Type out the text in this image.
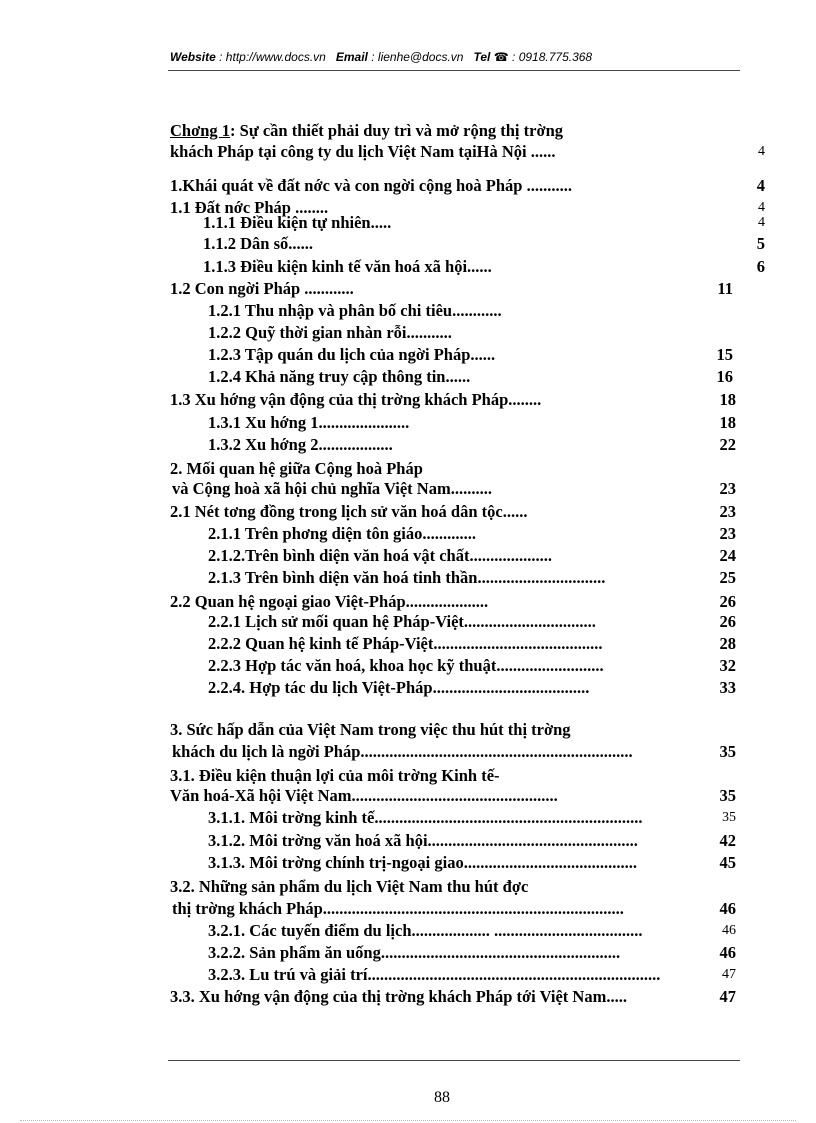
Website : http://www.docs.vn Email : lienhe@docs.vn Tel ☎ : 0918.775.368
Chơng 1: Sự cần thiết phải duy trì và mở rộng thị trờng
khách Pháp tại công ty du lịch Việt Nam tạiHà Nội ......	4
1.Khái quát về đất nớc và con ngời cộng hoà Pháp ...........	4
1.1 Đất nớc Pháp ........	4
1.1.1 Điều kiện tự nhiên.....	4
1.1.2 Dân số......	5
1.1.3 Điều kiện kinh tế văn hoá xã hội......	6
1.2 Con ngời Pháp ............	11
1.2.1 Thu nhập và phân bố chi tiêu............
1.2.2 Quỹ thời gian nhàn rỗi...........
1.2.3 Tập quán du lịch của ngời Pháp......	15
1.2.4 Khả năng truy cập thông tin......	16
1.3 Xu hớng vận động của thị trờng khách Pháp........	18
1.3.1 Xu hớng 1......................	18
1.3.2 Xu hớng 2..................	22
2. Mối quan hệ giữa Cộng hoà Pháp
và Cộng hoà xã hội chủ nghĩa Việt Nam..........	23
2.1 Nét tơng đồng trong lịch sử văn hoá dân tộc......	23
2.1.1 Trên phơng diện tôn giáo.............	23
2.1.2.Trên bình diện văn hoá vật chất....................	24
2.1.3 Trên bình diện văn hoá tinh thần...............................	25
2.2 Quan hệ ngoại giao Việt-Pháp....................	26
2.2.1 Lịch sử mối quan hệ Pháp-Việt................................	26
2.2.2 Quan hệ kinh tế Pháp-Việt.........................................	28
2.2.3 Hợp tác văn hoá, khoa học kỹ thuật..........................	32
2.2.4. Hợp tác du lịch Việt-Pháp......................................	33
3. Sức hấp dẫn của Việt Nam trong việc thu hút thị trờng
khách du lịch là ngời Pháp..................................................................	35
3.1. Điều kiện thuận lợi của môi trờng Kinh tế-
Văn hoá-Xã hội Việt Nam..................................................	35
3.1.1. Môi trờng kinh tế.................................................................	35
3.1.2. Môi trờng văn hoá xã hội...................................................	42
3.1.3. Môi trờng chính trị-ngoại giao..........................................	45
3.2. Những sản phẩm du lịch Việt Nam thu hút đợc
thị trờng khách Pháp.........................................................................	46
3.2.1. Các tuyến điểm du lịch................... ....................................	46
3.2.2. Sản phẩm ăn uống..........................................................	46
3.2.3. Lu trú và giải trí.......................................................................	47
3.3. Xu hớng vận động của thị trờng khách Pháp tới Việt Nam.....	47
88
